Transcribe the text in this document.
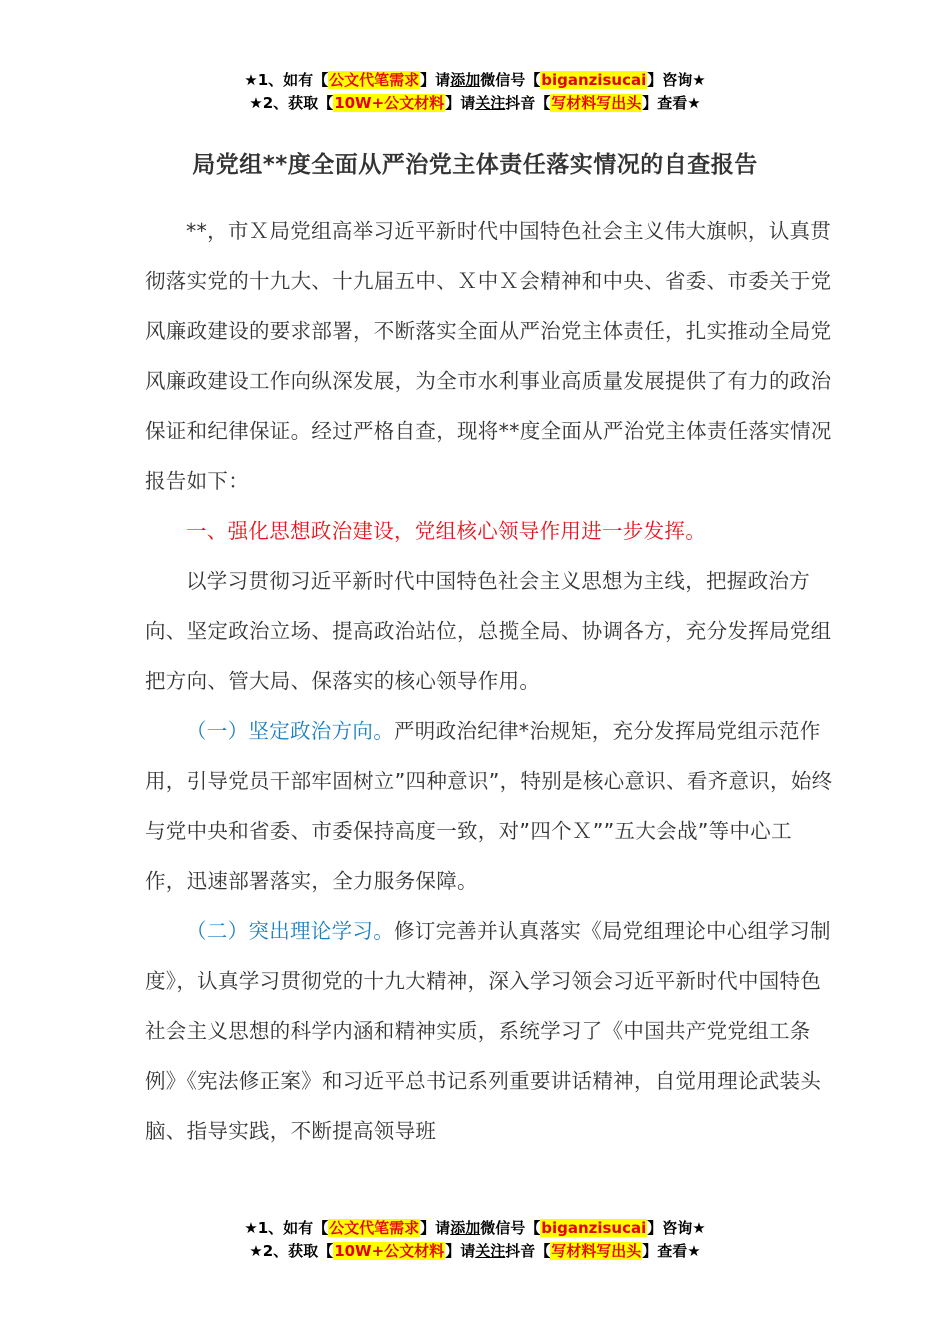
★1、如有【公文代笔需求】请添加微信号【biganzisucai】咨询★
★2、获取【10W+公文材料】请关注抖音【写材料写出头】查看★
局党组**度全面从严治党主体责任落实情况的自查报告

**，市Ｘ局党组高举习近平新时代中国特色社会主义伟大旗帜，认真贯彻落实党的十九大、十九届五中、Ｘ中Ｘ会精神和中央、省委、市委关于党风廉政建设的要求部署，不断落实全面从严治党主体责任，扎实推动全局党风廉政建设工作向纵深发展，为全市水利事业高质量发展提供了有力的政治保证和纪律保证。经过严格自查，现将**度全面从严治党主体责任落实情况报告如下：

一、强化思想政治建设，党组核心领导作用进一步发挥。

以学习贯彻习近平新时代中国特色社会主义思想为主线，把握政治方向、坚定政治立场、提高政治站位，总揽全局、协调各方，充分发挥局党组把方向、管大局、保落实的核心领导作用。

（一）坚定政治方向。严明政治纪律*治规矩，充分发挥局党组示范作用，引导党员干部牢固树立”四种意识”，特别是核心意识、看齐意识，始终与党中央和省委、市委保持高度一致，对”四个Ｘ””五大会战”等中心工作，迅速部署落实，全力服务保障。

（二）突出理论学习。修订完善并认真落实《局党组理论中心组学习制度》，认真学习贯彻党的十九大精神，深入学习领会习近平新时代中国特色社会主义思想的科学内涵和精神实质，系统学习了《中国共产党党组工条例》《宪法修正案》和习近平总书记系列重要讲话精神，自觉用理论武装头脑、指导实践，不断提高领导班

★1、如有【公文代笔需求】请添加微信号【biganzisucai】咨询★
★2、获取【10W+公文材料】请关注抖音【写材料写出头】查看★
